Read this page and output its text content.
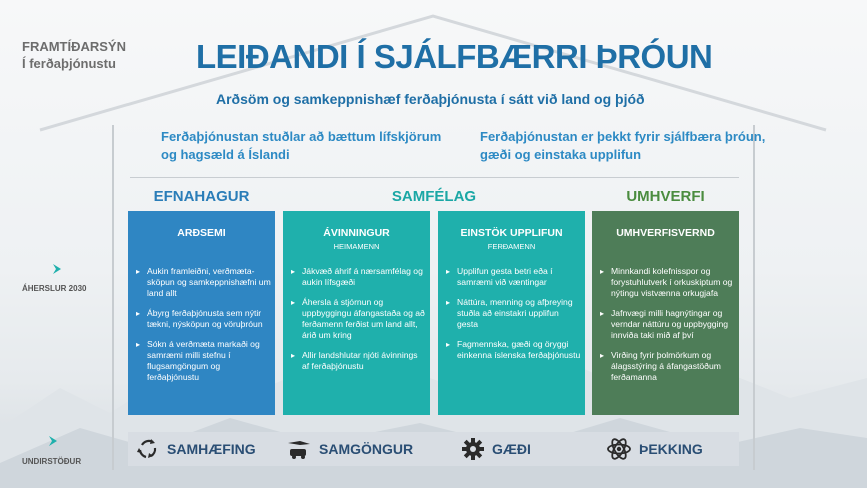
FRAMTÍÐARSÝN
Í ferðaþjónustu LEIÐANDI Í SJÁLFBÆRRI ÞRÓUN
Arðsöm og samkeppnishæf ferðaþjónusta í sátt við land og þjóð
Ferðaþjónustan stuðlar að bættum lífskjörum og hagsæld á Íslandi
Ferðaþjónustan er þekkt fyrir sjálfbæra þróun, gæði og einstaka upplifun
EFNAHAGUR	SAMFÉLAG	UMHVERFI
ARÐSEMI
▸ Aukin framleiðni, verðmæta-sköpun og samkeppnishæfni um land allt
▸ Ábyrg ferðaþjónusta sem nýtir tækni, nýsköpun og vöruþróun
▸ Sókn á verðmæta markaði og samræmi milli stefnu í flugsamgöngum og ferðaþjónustu
ÁVINNINGUR
HEIMAMENN
▸ Jákvæð áhrif á nærsamfélag og aukin lífsgæði
▸ Áhersla á stjórnun og uppbyggingu áfangastaða og að ferðamenn ferðist um land allt, árið um kring
▸ Allir landshlutar njóti ávinnings af ferðaþjónustu
EINSTÖK UPPLIFUN
FERÐAMENN
▸ Upplifun gesta betri eða í samræmi við væntingar
▸ Náttúra, menning og afþreying stuðla að einstakri upplifun gesta
▸ Fagmennska, gæði og öryggi einkenna íslenska ferðaþjónustu
UMHVERFISVERND
▸ Minnkandi kolefnisspor og forystuhlutverk í orkuskiptum og nýtingu vistvænna orkugjafa
▸ Jafnvægi milli hagnýtingar og verndar náttúru og uppbygging innviða taki mið af því
▸ Virðing fyrir þolmörkum og álagsstýring á áfangastöðum ferðamanna
ÁHERSLUR 2030
UNDIRSTÖÐUR
SAMHÆFING	SAMGÖNGUR	GÆÐI	ÞEKKING
